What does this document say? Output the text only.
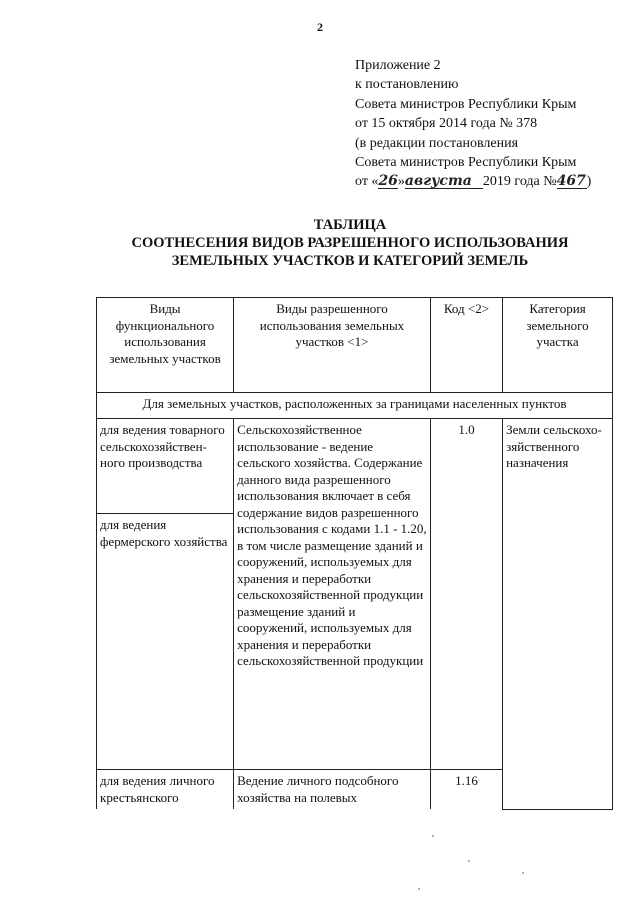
2
Приложение 2
к постановлению
Совета министров Республики Крым
от 15 октября 2014 года № 378
(в редакции постановления
Совета министров Республики Крым
от «26»августа 2019 года №467)
ТАБЛИЦА
СООТНЕСЕНИЯ ВИДОВ РАЗРЕШЕННОГО ИСПОЛЬЗОВАНИЯ
ЗЕМЕЛЬНЫХ УЧАСТКОВ И КАТЕГОРИЙ ЗЕМЕЛЬ
Виды функционального использования земельных участков	Виды разрешенного использования земельных участков <1>	Код <2>	Категория земельного участка
Для земельных участков, расположенных за границами населенных пунктов			
для ведения товарного сельскохозяйствен-ного производства	Сельскохозяйственное использование - ведение сельского хозяйства. Содержание данного вида разрешенного использования включает в себя содержание видов разрешенного использования с кодами 1.1 - 1.20, в том числе размещение зданий и сооружений, используемых для хранения и переработки сельскохозяйственной продукции размещение зданий и сооружений, используемых для хранения и переработки сельскохозяйственной продукции	1.0	Земли сельскохо-зяйственного назначения
для ведения фермерского хозяйства			
для ведения личного крестьянского	Ведение личного подсобного хозяйства на полевых	1.16	
